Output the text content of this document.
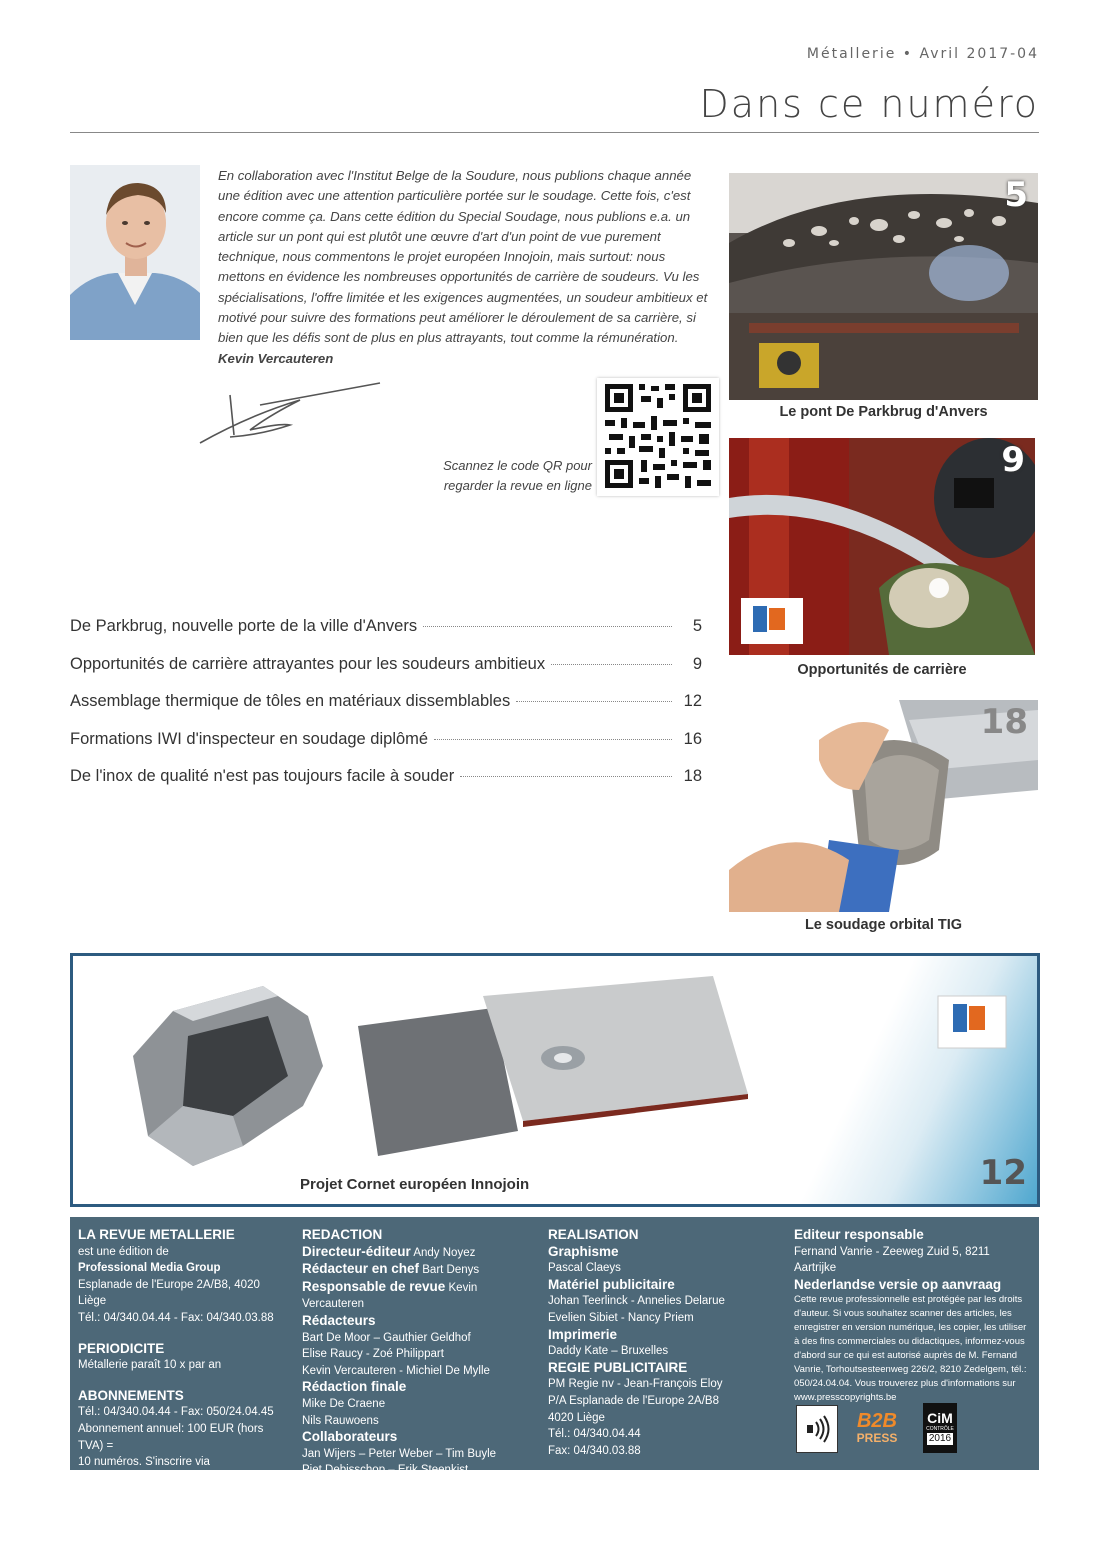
Métallerie • Avril 2017-04
Dans ce numéro
En collaboration avec l'Institut Belge de la Soudure, nous publions chaque année une édition avec une attention particulière portée sur le soudage. Cette fois, c'est encore comme ça. Dans cette édition du Special Soudage, nous publions e.a. un article sur un pont qui est plutôt une œuvre d'art d'un point de vue purement technique, nous commentons le projet européen Innojoin, mais surtout: nous mettons en évidence les nombreuses opportunités de carrière de soudeurs. Vu les spécialisations, l'offre limitée et les exigences augmentées, un soudeur ambitieux et motivé pour suivre des formations peut améliorer le déroulement de sa carrière, si bien que les défis sont de plus en plus attrayants, tout comme la rémunération.
Kevin Vercauteren
Scannez le code QR pour
regarder la revue en ligne
5
Le pont De Parkbrug d'Anvers
9
Opportunités de carrière
18
Le soudage orbital TIG
De Parkbrug, nouvelle porte de la ville d'Anvers	5
Opportunités de carrière attrayantes pour les soudeurs ambitieux	9
Assemblage thermique de tôles en matériaux dissemblables	12
Formations IWI d'inspecteur en soudage diplômé	16
De l'inox de qualité n'est pas toujours facile à souder	18
Projet Cornet européen Innojoin	12
LA REVUE METALLERIE
est une édition de
Professional Media Group
Esplanade de l'Europe 2A/B8, 4020 Liège
Tél.: 04/340.04.44 - Fax: 04/340.03.88
PERIODICITE
Métallerie paraît 10 x par an
ABONNEMENTS
Tél.: 04/340.04.44 - Fax: 050/24.04.45
Abonnement annuel: 100 EUR (hors TVA) =
10 numéros. S'inscrire via metallerie.pmg.be
ou envoyer un email à abo@pmg.be
REDACTION
Directeur-éditeur Andy Noyez
Rédacteur en chef Bart Denys
Responsable de revue Kevin Vercauteren
Rédacteurs
Bart De Moor – Gauthier Geldhof
Elise Raucy - Zoé Philippart
Kevin Vercauteren - Michiel De Mylle
Rédaction finale
Mike De Craene
Nils Rauwoens
Collaborateurs
Jan Wijers – Peter Weber – Tim Buyle
Piet Debisschop – Erik Steenkist
REALISATION
Graphisme
Pascal Claeys
Matériel publicitaire
Johan Teerlinck - Annelies Delarue
Evelien Sibiet - Nancy Priem
Imprimerie
Daddy Kate – Bruxelles
REGIE PUBLICITAIRE
PM Regie nv - Jean-François Eloy
P/A Esplanade de l'Europe 2A/B8
4020 Liège
Tél.: 04/340.04.44
Fax: 04/340.03.88
Editeur responsable
Fernand Vanrie - Zeeweg Zuid 5, 8211 Aartrijke
Nederlandse versie op aanvraag
Cette revue professionnelle est protégée par les droits d'auteur. Si vous souhaitez scanner des articles, les enregistrer en version numérique, les copier, les utiliser à des fins commerciales ou didactiques, informez-vous d'abord sur ce qui est autorisé auprès de M. Fernand Vanrie, Torhoutsesteenweg 226/2, 8210 Zedelgem, tél.: 050/24.04.04. Vous trouverez plus d'informations sur www.presscopyrights.be
B2B
PRESS
CiM
CONTRÔLE
2016
